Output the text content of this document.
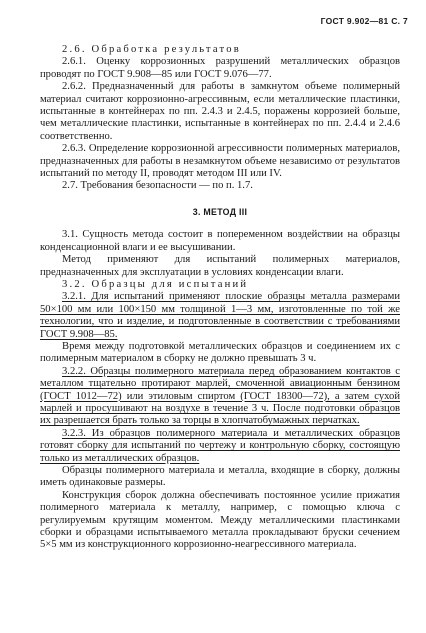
ГОСТ 9.902—81 С. 7

2.6. Обработка результатов

2.6.1. Оценку коррозионных разрушений металлических образцов проводят по ГОСТ 9.908—85 или ГОСТ 9.076—77.

2.6.2. Предназначенный для работы в замкнутом объеме полимерный материал считают коррозионно-агрессивным, если металлические пластинки, испытанные в контейнерах по пп. 2.4.3 и 2.4.5, поражены коррозией больше, чем металлические пластинки, испытанные в контейнерах по пп. 2.4.4 и 2.4.6 соответственно.

2.6.3. Определение коррозионной агрессивности полимерных материалов, предназначенных для работы в незамкнутом объеме независимо от результатов испытаний по методу II, проводят методом III или IV.

2.7. Требования безопасности — по п. 1.7.

3. МЕТОД III

3.1. Сущность метода состоит в попеременном воздействии на образцы конденсационной влаги и ее высушивании.

Метод применяют для испытаний полимерных материалов, предназначенных для эксплуатации в условиях конденсации влаги.

3.2. Образцы для испытаний

3.2.1. Для испытаний применяют плоские образцы металла размерами 50×100 мм или 100×150 мм толщиной 1—3 мм, изготовленные по той же технологии, что и изделие, и подготовленные в соответствии с требованиями ГОСТ 9.908—85.

Время между подготовкой металлических образцов и соединением их с полимерным материалом в сборку не должно превышать 3 ч.

3.2.2. Образцы полимерного материала перед образованием контактов с металлом тщательно протирают марлей, смоченной авиационным бензином (ГОСТ 1012—72) или этиловым спиртом (ГОСТ 18300—72), а затем сухой марлей и просушивают на воздухе в течение 3 ч. После подготовки образцов их разрешается брать только за торцы в хлопчатобумажных перчатках.

3.2.3. Из образцов полимерного материала и металлических образцов готовят сборку для испытаний по чертежу и контрольную сборку, состоящую только из металлических образцов.

Образцы полимерного материала и металла, входящие в сборку, должны иметь одинаковые размеры.

Конструкция сборок должна обеспечивать постоянное усилие прижатия полимерного материала к металлу, например, с помощью ключа с регулируемым крутящим моментом. Между металлическими пластинками сборки и образцами испытываемого металла прокладывают бруски сечением 5×5 мм из конструкционного коррозионно-неагрессивного материала.
